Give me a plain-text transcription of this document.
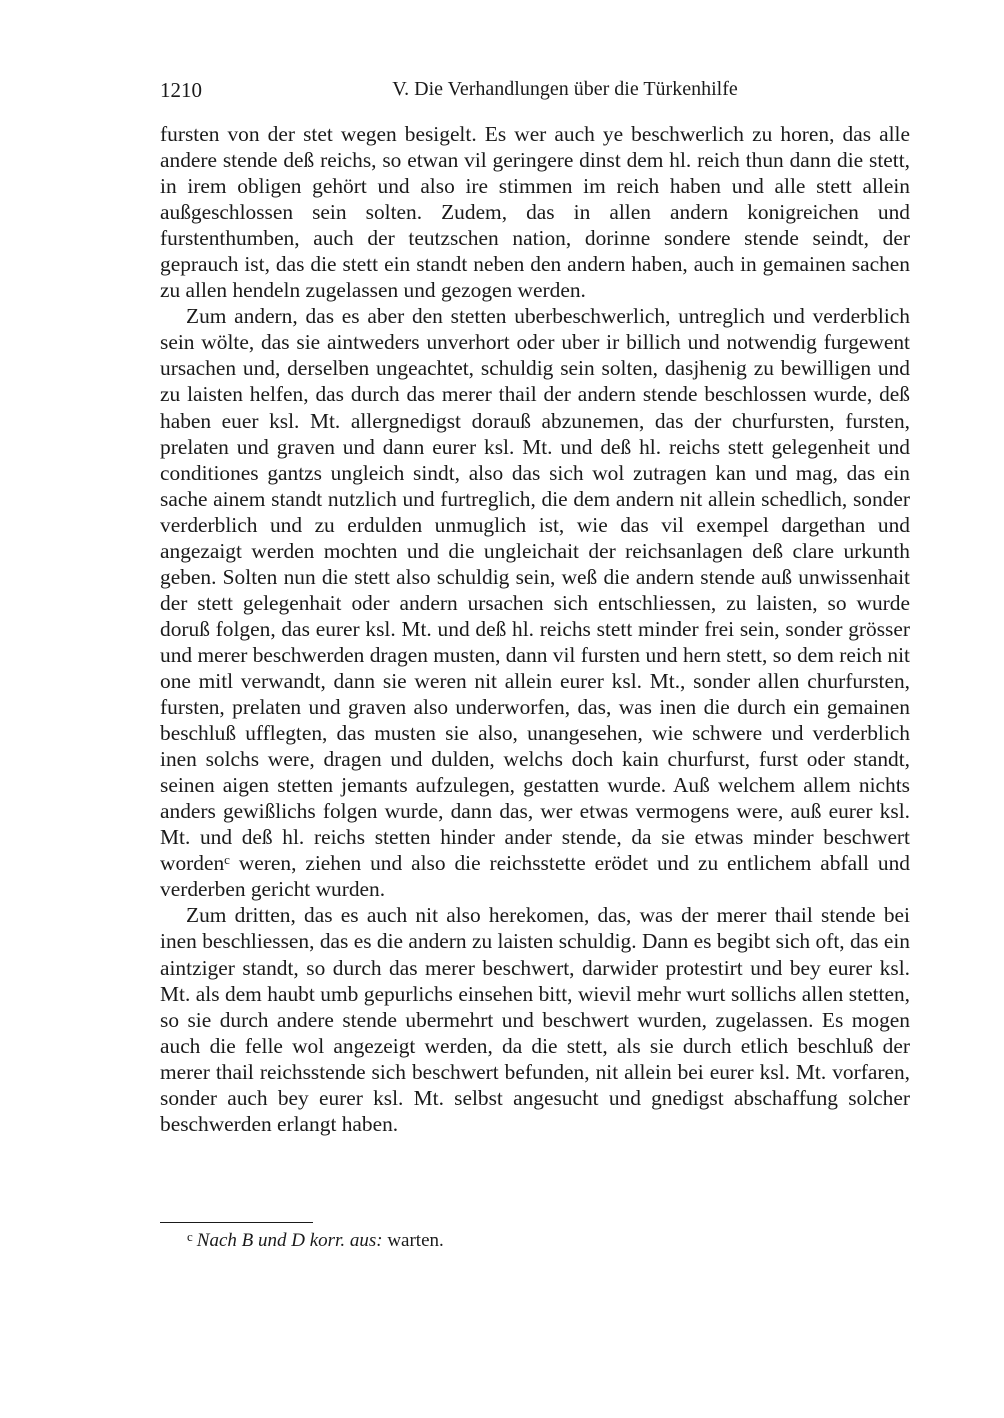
1210	V. Die Verhandlungen über die Türkenhilfe

fursten von der stet wegen besigelt. Es wer auch ye beschwerlich zu horen, das alle andere stende deß reichs, so etwan vil geringere dinst dem hl. reich thun dann die stett, in irem obligen gehört und also ire stimmen im reich haben und alle stett allein außgeschlossen sein solten. Zudem, das in allen andern konigreichen und furstenthumben, auch der teutzschen nation, dorinne sondere stende seindt, der geprauch ist, das die stett ein standt neben den andern haben, auch in gemainen sachen zu allen hendeln zugelassen und gezogen werden.

Zum andern, das es aber den stetten uberbeschwerlich, untreglich und verderblich sein wölte, das sie aintweders unverhort oder uber ir billich und notwendig furgewent ursachen und, derselben ungeachtet, schuldig sein solten, dasjhenig zu bewilligen und zu laisten helfen, das durch das merer thail der andern stende beschlossen wurde, deß haben euer ksl. Mt. allergnedigst dorauß abzunemen, das der churfursten, fursten, prelaten und graven und dann eurer ksl. Mt. und deß hl. reichs stett gelegenheit und conditiones gantzs ungleich sindt, also das sich wol zutragen kan und mag, das ein sache ainem standt nutzlich und furtreglich, die dem andern nit allein schedlich, sonder verderblich und zu erdulden unmuglich ist, wie das vil exempel dargethan und angezaigt werden mochten und die ungleichait der reichsanlagen deß clare urkunth geben. Solten nun die stett also schuldig sein, weß die andern stende auß unwissenhait der stett gelegenhait oder andern ursachen sich entschliessen, zu laisten, so wurde doruß folgen, das eurer ksl. Mt. und deß hl. reichs stett minder frei sein, sonder grösser und merer beschwerden dragen musten, dann vil fursten und hern stett, so dem reich nit one mitl verwandt, dann sie weren nit allein eurer ksl. Mt., sonder allen churfursten, fursten, prelaten und graven also underworfen, das, was inen die durch ein gemainen beschluß ufflegten, das musten sie also, unangesehen, wie schwere und verderblich inen solchs were, dragen und dulden, welchs doch kain churfurst, furst oder standt, seinen aigen stetten jemants aufzulegen, gestatten wurde. Auß welchem allem nichts anders gewißlichs folgen wurde, dann das, wer etwas vermogens were, auß eurer ksl. Mt. und deß hl. reichs stetten hinder ander stende, da sie etwas minder beschwert worden$^c$ weren, ziehen und also die reichsstette erödet und zu entlichem abfall und verderben gericht wurden.

Zum dritten, das es auch nit also herekomen, das, was der merer thail stende bei inen beschliessen, das es die andern zu laisten schuldig. Dann es begibt sich oft, das ein aintziger standt, so durch das merer beschwert, darwider protestirt und bey eurer ksl. Mt. als dem haubt umb gepurlichs einsehen bitt, wievil mehr wurt sollichs allen stetten, so sie durch andere stende ubermehrt und beschwert wurden, zugelassen. Es mogen auch die felle wol angezeigt werden, da die stett, als sie durch etlich beschluß der merer thail reichsstende sich beschwert befunden, nit allein bei eurer ksl. Mt. vorfaren, sonder auch bey eurer ksl. Mt. selbst angesucht und gnedigst abschaffung solcher beschwerden erlangt haben.

$^c$ Nach B und D korr. aus: warten.
